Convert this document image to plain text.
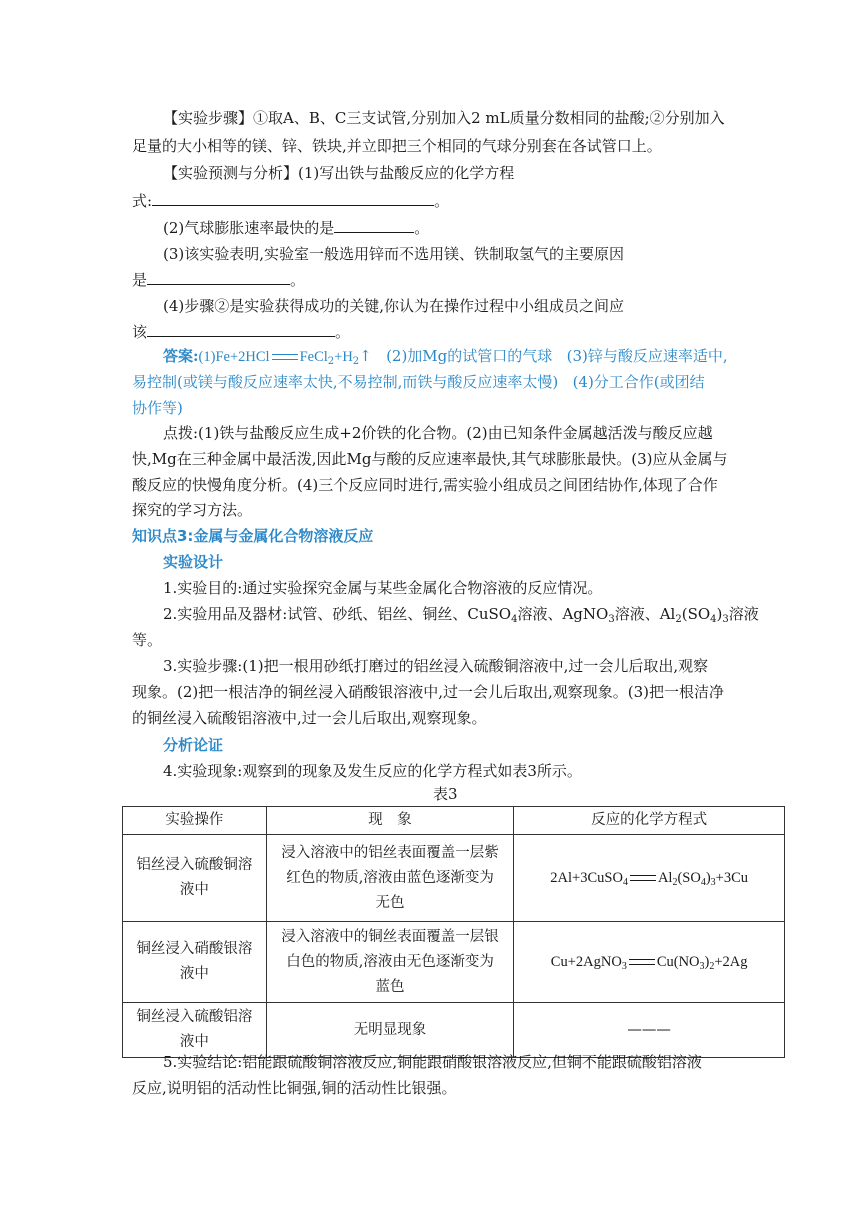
【实验步骤】①取A、B、C三支试管,分别加入2 mL质量分数相同的盐酸;②分别加入
足量的大小相等的镁、锌、铁块,并立即把三个相同的气球分别套在各试管口上。
【实验预测与分析】(1)写出铁与盐酸反应的化学方程
式:	。
(2)气球膨胀速率最快的是	。
(3)该实验表明,实验室一般选用锌而不选用镁、铁制取氢气的主要原因
是	。
(4)步骤②是实验获得成功的关键,你认为在操作过程中小组成员之间应
该	。
答案:(1)Fe+2HCl $FeCl_2+H_2↑$ (2)加Mg的试管口的气球 (3)锌与酸反应速率适中,
易控制(或镁与酸反应速率太快,不易控制,而铁与酸反应速率太慢) (4)分工合作(或团结
协作等)
点拨:(1)铁与盐酸反应生成+2价铁的化合物。(2)由已知条件金属越活泼与酸反应越
快,Mg在三种金属中最活泼,因此Mg与酸的反应速率最快,其气球膨胀最快。(3)应从金属与
酸反应的快慢角度分析。(4)三个反应同时进行,需实验小组成员之间团结协作,体现了合作
探究的学习方法。
知识点3:金属与金属化合物溶液反应
实验设计
1.实验目的:通过实验探究金属与某些金属化合物溶液的反应情况。
2.实验用品及器材:试管、砂纸、铝丝、铜丝、CuSO$_4$溶液、AgNO$_3$溶液、$Al_2(SO_4)_3$溶液
等。
3.实验步骤:(1)把一根用砂纸打磨过的铝丝浸入硫酸铜溶液中,过一会儿后取出,观察
现象。(2)把一根洁净的铜丝浸入硝酸银溶液中,过一会儿后取出,观察现象。(3)把一根洁净
的铜丝浸入硫酸铝溶液中,过一会儿后取出,观察现象。
分析论证
4.实验现象:观察到的现象及发生反应的化学方程式如表3所示。
表3
实验操作	现　象	反应的化学方程式
铝丝浸入硫酸铜溶
液中	浸入溶液中的铝丝表面覆盖一层紫
红色的物质,溶液由蓝色逐渐变为
无色	2Al+3CuSO$_4$ $Al_2(SO_4)_3+3Cu$
铜丝浸入硝酸银溶
液中	浸入溶液中的铜丝表面覆盖一层银
白色的物质,溶液由无色逐渐变为
蓝色	Cu+2AgNO$_3$ $Cu(NO_3)_2+2Ag$
铜丝浸入硫酸铝溶
液中	无明显现象	———
5.实验结论:铝能跟硫酸铜溶液反应,铜能跟硝酸银溶液反应,但铜不能跟硫酸铝溶液
反应,说明铝的活动性比铜强,铜的活动性比银强。
